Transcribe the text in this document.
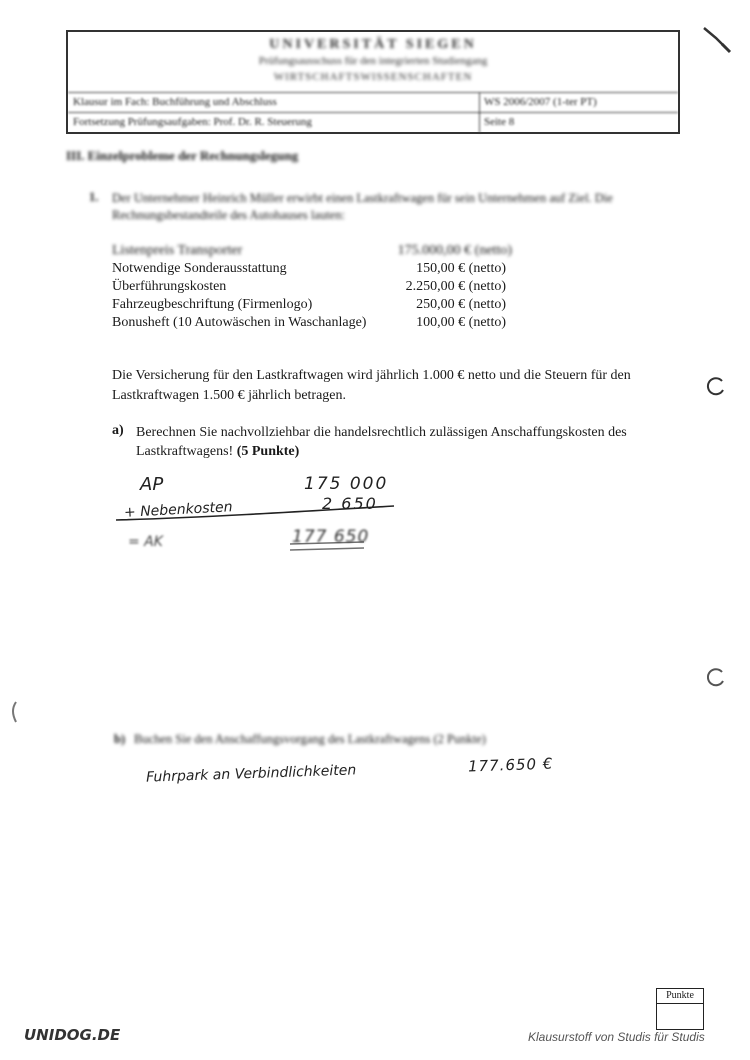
UNIVERSITÄT SIEGEN
Prüfungsausschuss für den integrierten Studiengang
WIRTSCHAFTSWISSENSCHAFTEN
Klausur im Fach: Buchführung und Abschluss	WS 2006/2007 (1-ter PT)
Fortsetzung Prüfungsaufgaben: Prof. Dr. R. Steuerung	Seite 8
III. Einzelprobleme der Rechnungslegung
1. Der Unternehmer Heinrich Müller erwirbt einen Lastkraftwagen für sein Unternehmen auf Ziel. Die Rechnungsbestandteile des Autohauses lauten:
Listenpreis Transporter	175.000,00 € (netto)
Notwendige Sonderausstattung	150,00 € (netto)
Überführungskosten	2.250,00 € (netto)
Fahrzeugbeschriftung (Firmenlogo)	250,00 € (netto)
Bonusheft (10 Autowäschen in Waschanlage)	100,00 € (netto)
Die Versicherung für den Lastkraftwagen wird jährlich 1.000 € netto und die Steuern für den Lastkraftwagen 1.500 € jährlich betragen.
a) Berechnen Sie nachvollziehbar die handelsrechtlich zulässigen Anschaffungskosten des Lastkraftwagens! (5 Punkte)
AP	175 000
+ Nebenkosten	2 650
= AK	177 650
b) Buchen Sie den Anschaffungsvorgang des Lastkraftwagens (2 Punkte)
Fuhrpark an Verbindlichkeiten	177.650 €
Punkte
UNIDOG.DE	Klausurstoff von Studis für Studis
